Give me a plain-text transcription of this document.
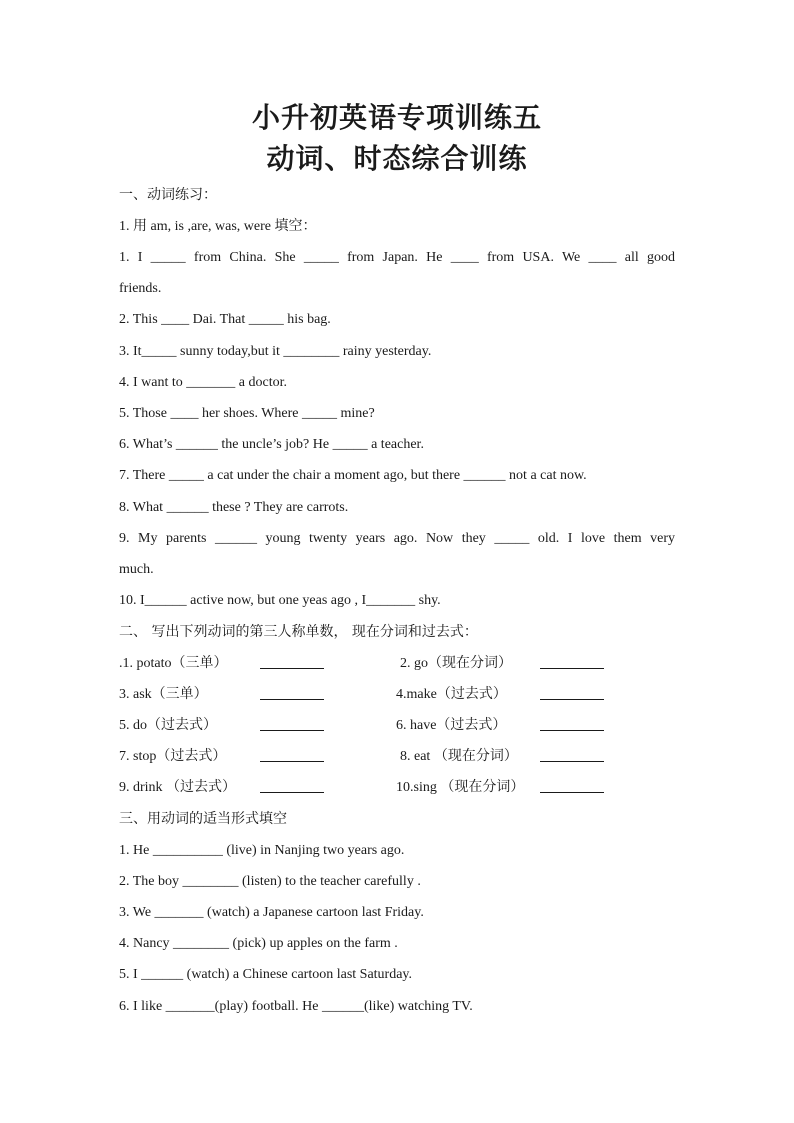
小升初英语专项训练五
动词、时态综合训练
一、动词练习：
1. 用 am, is ,are, was, were 填空：
1. I _____ from China. She _____ from Japan. He ____ from USA. We ____ all good
friends.
2. This ____ Dai. That _____ his bag.
3. It_____ sunny today,but it ________ rainy yesterday.
4. I want to _______ a doctor.
5. Those ____ her shoes. Where _____ mine?
6. What’s ______ the uncle’s job? He _____ a teacher.
7. There _____ a cat under the chair a moment ago, but there ______ not a cat now.
8. What ______ these ? They are carrots.
9. My parents ______ young twenty years ago. Now they _____ old. I love them very
much.
10. I______ active now, but one yeas ago , I_______ shy.
二、 写出下列动词的第三人称单数， 现在分词和过去式：
.1. potato（三单）	2. go（现在分词）
3. ask（三单）	4.make（过去式）
5. do（过去式）	6. have（过去式）
7. stop（过去式）	8. eat （现在分词）
9. drink （过去式）	10.sing （现在分词）
三、用动词的适当形式填空
1. He __________ (live) in Nanjing two years ago.
2. The boy ________ (listen) to the teacher carefully .
3. We _______ (watch) a Japanese cartoon last Friday.
4. Nancy ________ (pick) up apples on the farm .
5. I ______ (watch) a Chinese cartoon last Saturday.
6. I like _______(play) football. He ______(like) watching TV.
